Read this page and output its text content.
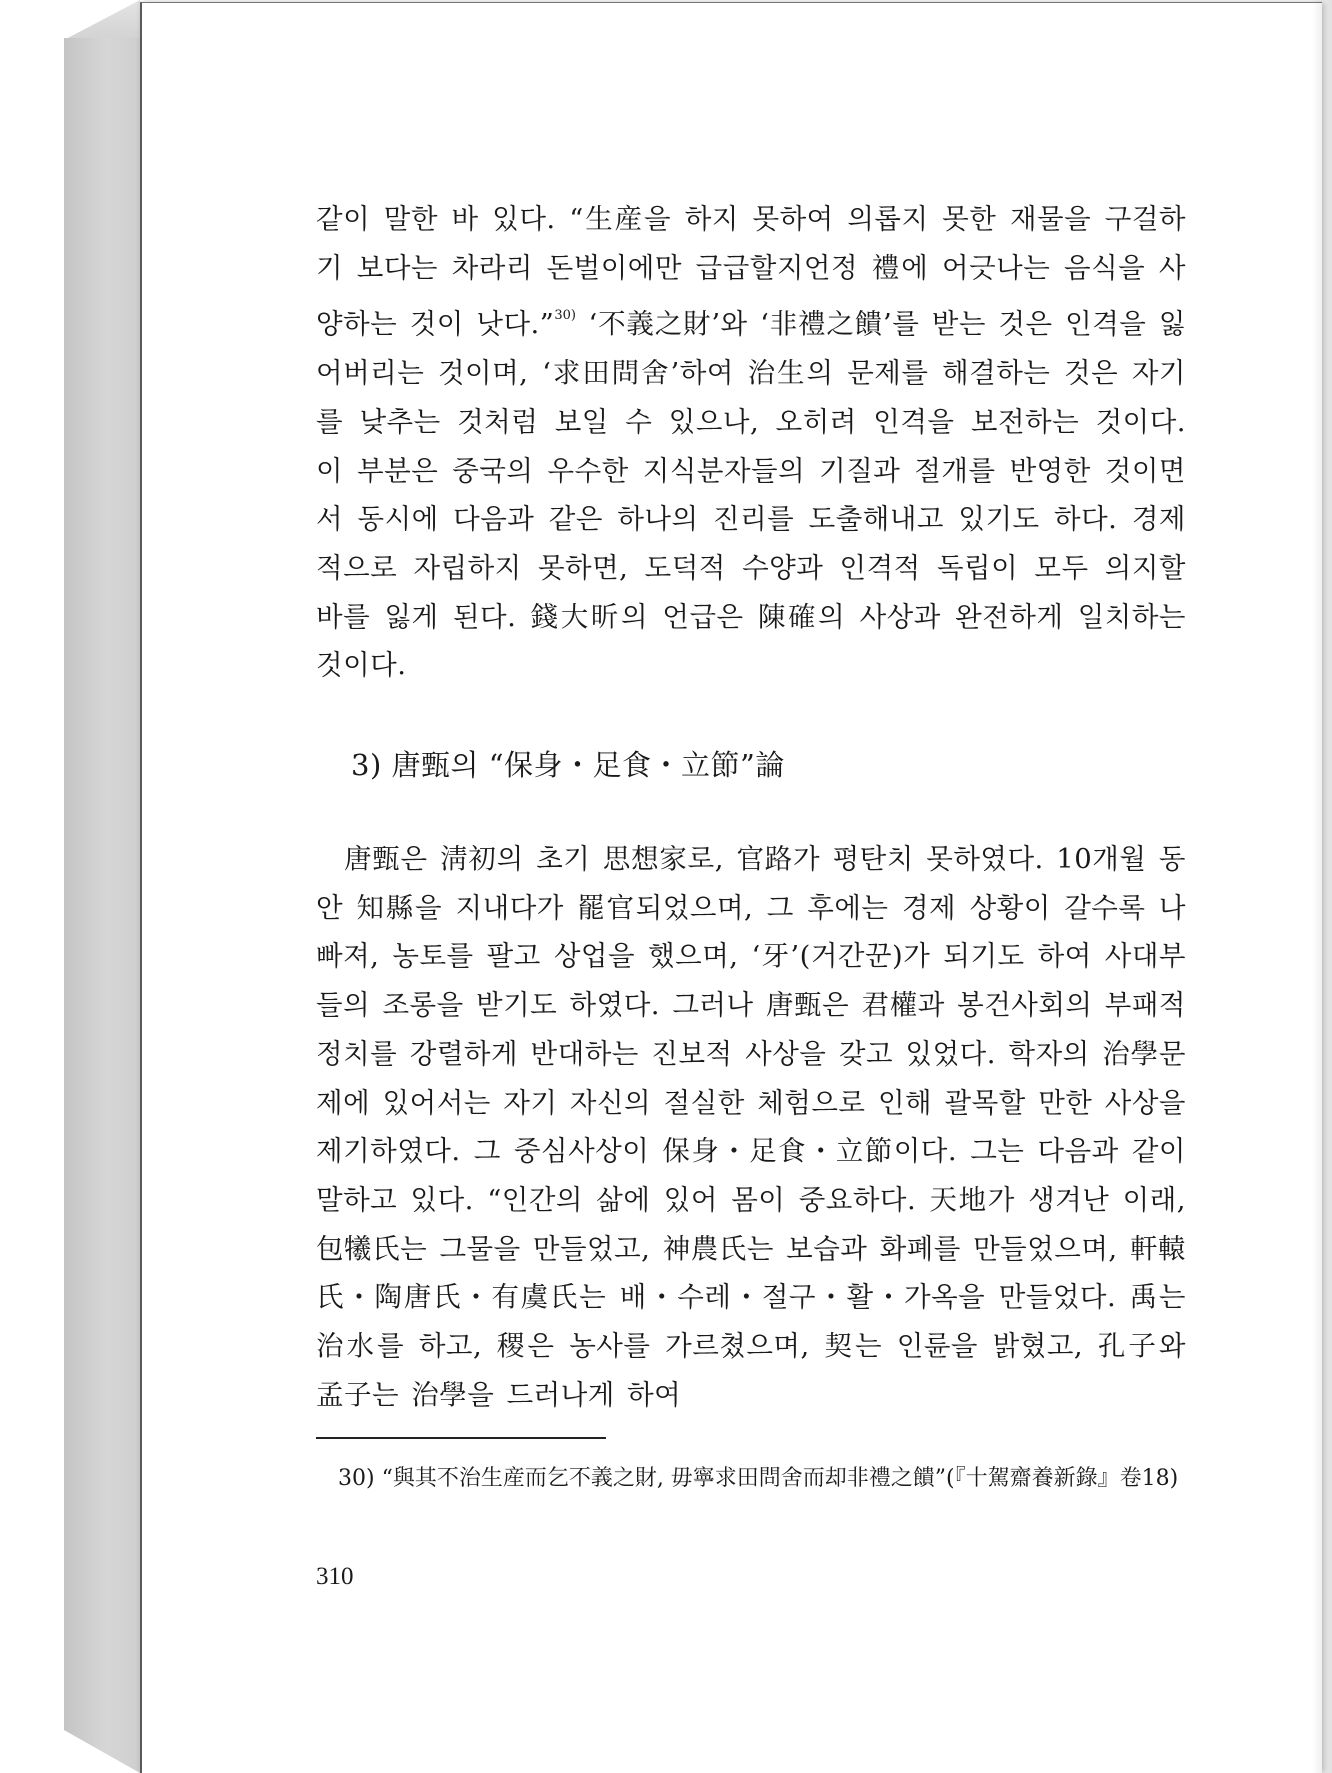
같이 말한 바 있다. “生産을 하지 못하여 의롭지 못한 재물을 구걸하기 보다는 차라리 돈벌이에만 급급할지언정 禮에 어긋나는 음식을 사양하는 것이 낫다.”$^{30)}$ ‘不義之財’와 ‘非禮之饋’를 받는 것은 인격을 잃어버리는 것이며, ‘求田問舍’하여 治生의 문제를 해결하는 것은 자기를 낮추는 것처럼 보일 수 있으나, 오히려 인격을 보전하는 것이다. 이 부분은 중국의 우수한 지식분자들의 기질과 절개를 반영한 것이면서 동시에 다음과 같은 하나의 진리를 도출해내고 있기도 하다. 경제적으로 자립하지 못하면, 도덕적 수양과 인격적 독립이 모두 의지할 바를 잃게 된다. 錢大昕의 언급은 陳確의 사상과 완전하게 일치하는 것이다.

3) 唐甄의 “保身・足食・立節”論

唐甄은 淸初의 초기 思想家로, 官路가 평탄치 못하였다. 10개월 동안 知縣을 지내다가 罷官되었으며, 그 후에는 경제 상황이 갈수록 나빠져, 농토를 팔고 상업을 했으며, ‘牙’(거간꾼)가 되기도 하여 사대부들의 조롱을 받기도 하였다. 그러나 唐甄은 君權과 봉건사회의 부패적 정치를 강렬하게 반대하는 진보적 사상을 갖고 있었다. 학자의 治學문제에 있어서는 자기 자신의 절실한 체험으로 인해 괄목할 만한 사상을 제기하였다. 그 중심사상이 保身・足食・立節이다. 그는 다음과 같이 말하고 있다. “인간의 삶에 있어 몸이 중요하다. 天地가 생겨난 이래, 包犧氏는 그물을 만들었고, 神農氏는 보습과 화폐를 만들었으며, 軒轅氏・陶唐氏・有虞氏는 배・수레・절구・활・가옥을 만들었다. 禹는 治水를 하고, 稷은 농사를 가르쳤으며, 契는 인륜을 밝혔고, 孔子와 孟子는 治學을 드러나게 하여

30) “與其不治生産而乞不義之財, 毋寧求田問舍而却非禮之饋”(『十駕齋養新錄』卷18)
310
